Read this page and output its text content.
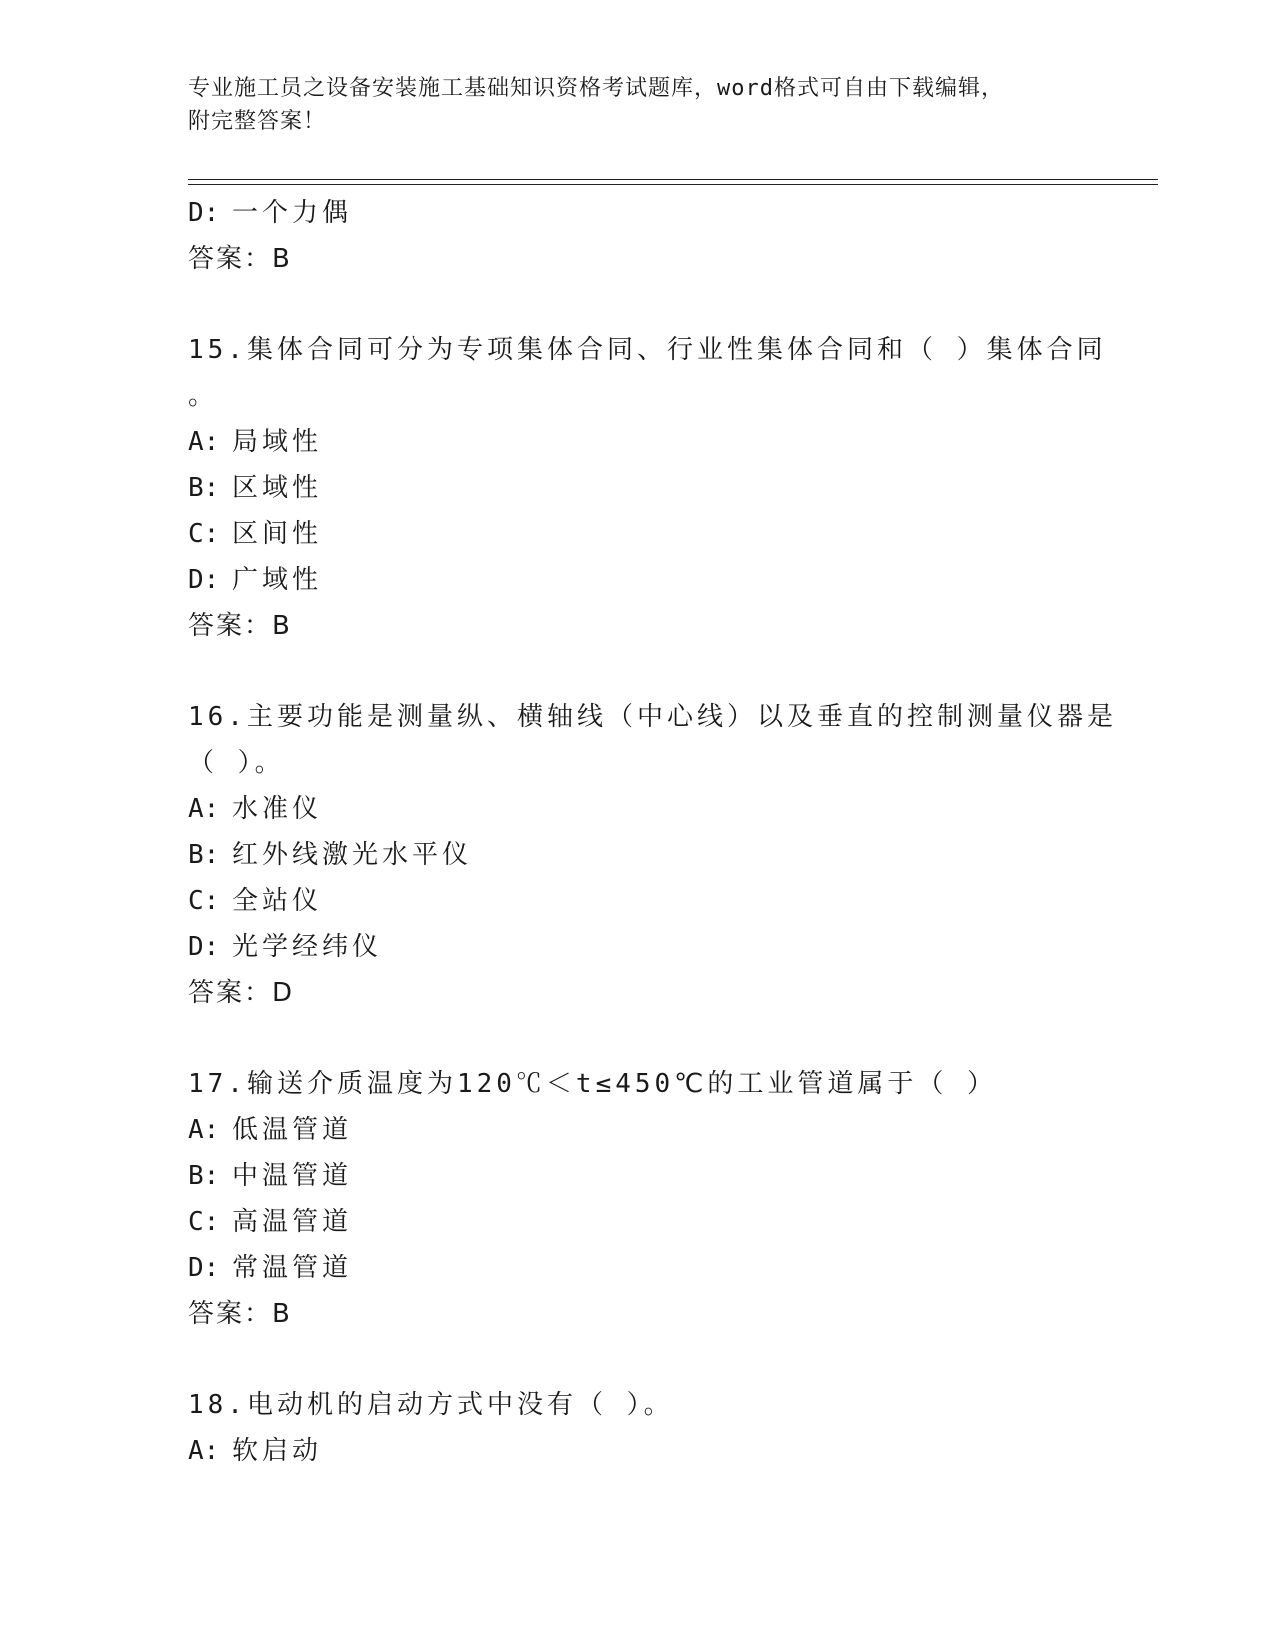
专业施工员之设备安装施工基础知识资格考试题库，word格式可自由下载编辑，
附完整答案！
D: 一个力偶
答案：B
15.集体合同可分为专项集体合同、行业性集体合同和（ ）集体合同
。
A: 局域性
B: 区域性
C: 区间性
D: 广域性
答案：B
16.主要功能是测量纵、横轴线（中心线）以及垂直的控制测量仪器是
（ ）。
A: 水准仪
B: 红外线激光水平仪
C: 全站仪
D: 光学经纬仪
答案：D
17.输送介质温度为120℃＜t≤450℃的工业管道属于（ ）
A: 低温管道
B: 中温管道
C: 高温管道
D: 常温管道
答案：B
18.电动机的启动方式中没有（ ）。
A: 软启动
